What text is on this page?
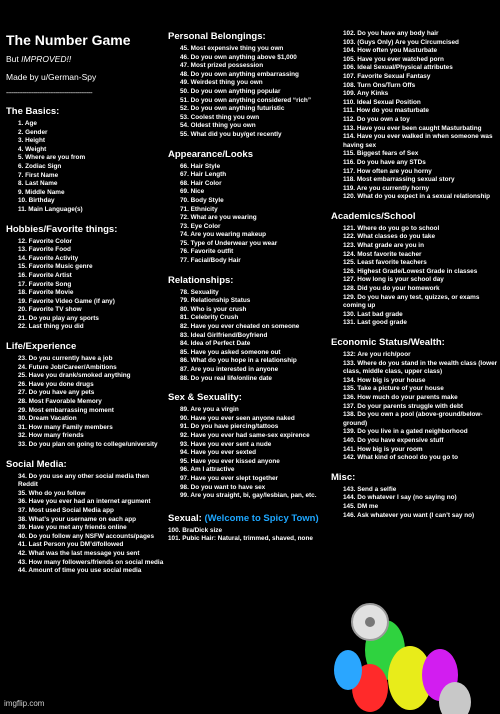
The Number Game
But IMPROVED!!
Made by u/German-Spy
-----------------------------------------------
The Basics:
1. Age
2. Gender
3. Height
4. Weight
5. Where are you from
6. Zodiac Sign
7. First Name
8. Last Name
9. Middle Name
10. Birthday
11. Main Language(s)
Hobbies/Favorite things:
12. Favorite Color
13. Favorite Food
14. Favorite Activity
15. Favorite Music genre
16. Favorite Artist
17. Favorite Song
18. Favorite Movie
19. Favorite Video Game (if any)
20. Favorite TV show
21. Do you play any sports
22. Last thing you did
Life/Experience
23. Do you currently have a job
24. Future Job/Career/Ambitions
25. Have you drank/smoked anything
26. Have you done drugs
27. Do you have any pets
28. Most Favorable Memory
29. Most embarrassing moment
30. Dream Vacation
31. How many Family members
32. How many friends
33. Do you plan on going to college/university
Social Media:
34. Do you use any other social media then Reddit
35. Who do you follow
36. Have you ever had an internet argument
37. Most used Social Media app
38. What’s your username on each app
39. Have you met any friends online
40. Do you follow any NSFW accounts/pages
41. Last Person you DM’d/followed
42. What was the last message you sent
43. How many followers/friends on social media
44. Amount of time you use social media
Personal Belongings:
45. Most expensive thing you own
46. Do you own anything above $1,000
47. Most prized possession
48. Do you own anything embarrassing
49. Weirdest thing you own
50. Do you own anything popular
51. Do you own anything considered “rich”
52. Do you own anything futuristic
53. Coolest thing you own
54. Oldest thing you own
55. What did you buy/get recently
Appearance/Looks
66. Hair Style
67. Hair Length
68. Hair Color
69. Nice
70. Body Style
71. Ethnicity
72. What are you wearing
73. Eye Color
74. Are you wearing makeup
75. Type of Underwear you wear
76. Favorite outfit
77. Facial/Body Hair
Relationships:
78. Sexuality
79. Relationship Status
80. Who is your crush
81. Celebrity Crush
82. Have you ever cheated on someone
83. Ideal Girlfriend/Boyfriend
84. Idea of Perfect Date
85. Have you asked someone out
86. What do you hope in a relationship
87. Are you interested in anyone
88. Do you real life/online date
Sex & Sexuality:
89. Are you a virgin
90. Have you ever seen anyone naked
91. Do you have piercing/tattoos
92. Have you ever had same-sex expirence
93. Have you ever sent a nude
94. Have you ever sexted
95. Have you ever kissed anyone
96. Am I attractive
97. Have you ever slept together
98. Do you want to have sex
99. Are you straight, bi, gay/lesbian, pan, etc.
Sexual: (Welcome to Spicy Town)
100. Bra/Dick size
101. Pubic Hair: Natural, trimmed, shaved, none
102. Do you have any body hair
103. (Guys Only) Are you Circumcised
104. How often you Masturbate
105. Have you ever watched porn
106. Ideal Sexual/Physical attributes
107. Favorite Sexual Fantasy
108. Turn Ons/Turn Offs
109. Any Kinks
110. Ideal Sexual Position
111. How do you masturbate
112. Do you own a toy
113. Have you ever been caught Masturbating
114. Have you ever walked in when someone was having sex
115. Biggest fears of Sex
116. Do you have any STDs
117. How often are you horny
118. Most embarrassing sexual story
119. Are you currently horny
120. What do you expect in a sexual relationship
Academics/School
121. Where do you go to school
122. What classes do you take
123. What grade are you in
124. Most favorite teacher
125. Least favorite teachers
126. Highest Grade/Lowest Grade in classes
127. How long is your school day
128. Did you do your homework
129. Do you have any test, quizzes, or exams coming up
130. Last bad grade
131. Last good grade
Economic Status/Wealth:
132: Are you rich/poor
133. Where do you stand in the wealth class (lower class, middle class, upper class)
134. How big is your house
135. Take a picture of your house
136. How much do your parents make
137. Do your parents struggle with debt
138. Do you own a pool (above-ground/below-ground)
139. Do you live in a gated neighborhood
140. Do you have expensive stuff
141. How big is your room
142. What kind of school do you go to
Misc:
143. Send a selfie
144. Do whatever I say (no saying no)
145. DM me
146. Ask whatever you want (I can’t say no)
imgflip.com
